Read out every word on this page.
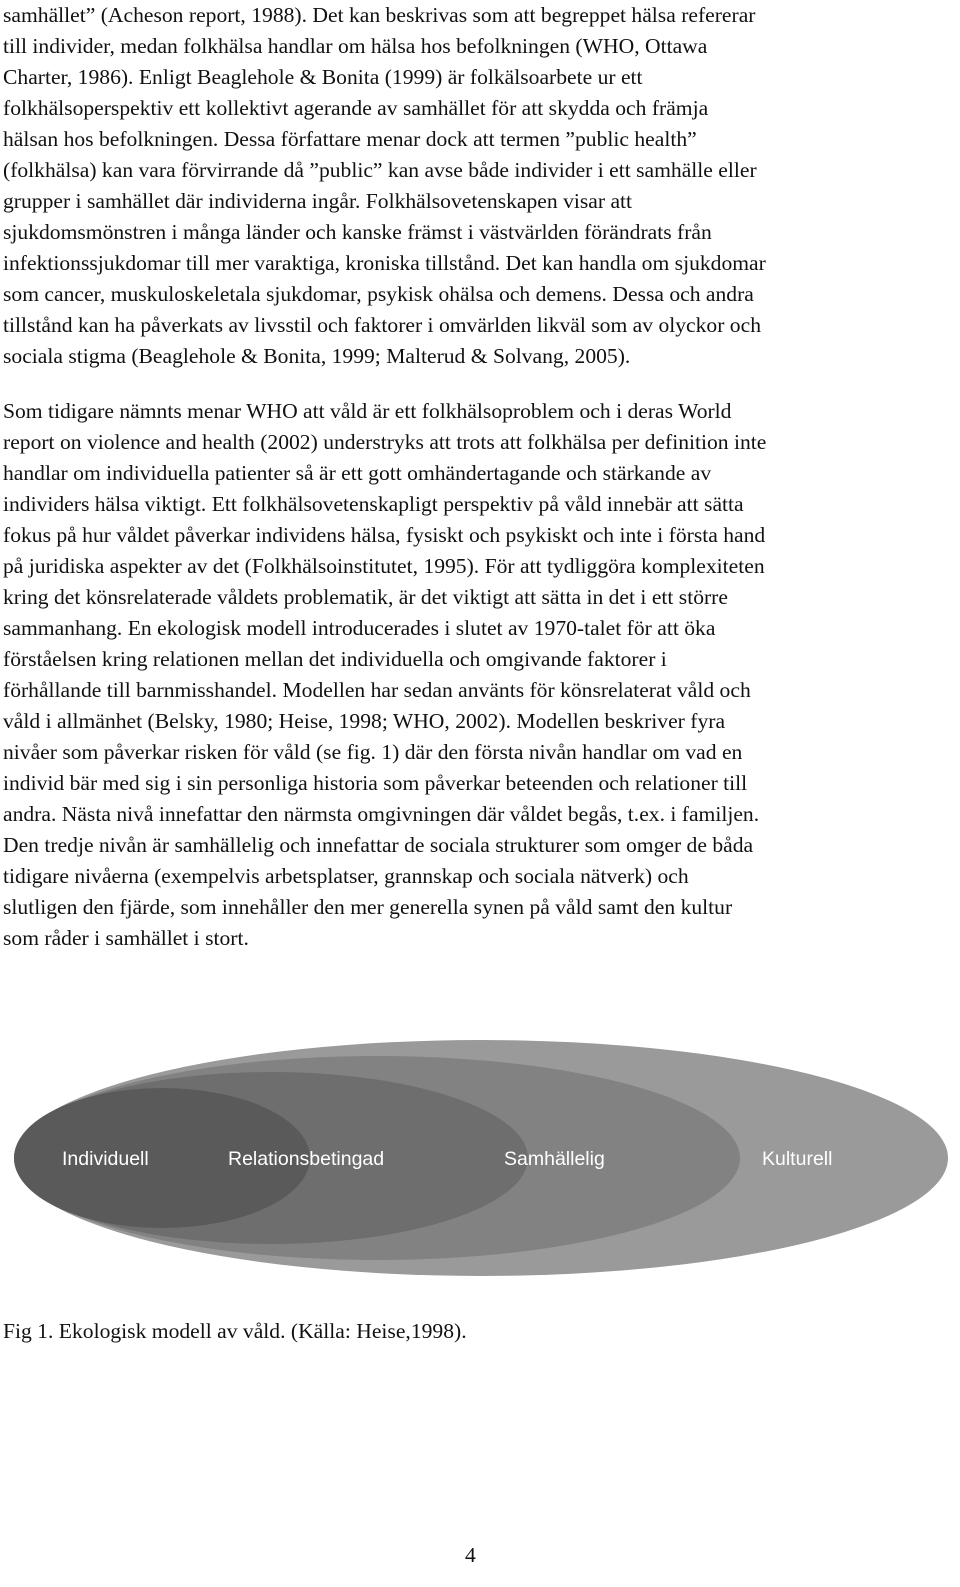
samhället” (Acheson report, 1988). Det kan beskrivas som att begreppet hälsa refererar
till individer, medan folkhälsa handlar om hälsa hos befolkningen (WHO, Ottawa
Charter, 1986). Enligt Beaglehole & Bonita (1999) är folkälsoarbete ur ett
folkhälsoperspektiv ett kollektivt agerande av samhället för att skydda och främja
hälsan hos befolkningen. Dessa författare menar dock att termen ”public health”
(folkhälsa) kan vara förvirrande då ”public” kan avse både individer i ett samhälle eller
grupper i samhället där individerna ingår. Folkhälsovetenskapen visar att
sjukdomsmönstren i många länder och kanske främst i västvärlden förändrats från
infektionssjukdomar till mer varaktiga, kroniska tillstånd. Det kan handla om sjukdomar
som cancer, muskuloskeletala sjukdomar, psykisk ohälsa och demens. Dessa och andra
tillstånd kan ha påverkats av livsstil och faktorer i omvärlden likväl som av olyckor och
sociala stigma (Beaglehole & Bonita, 1999; Malterud & Solvang, 2005).
Som tidigare nämnts menar WHO att våld är ett folkhälsoproblem och i deras World
report on violence and health (2002) understryks att trots att folkhälsa per definition inte
handlar om individuella patienter så är ett gott omhändertagande och stärkande av
individers hälsa viktigt. Ett folkhälsovetenskapligt perspektiv på våld innebär att sätta
fokus på hur våldet påverkar individens hälsa, fysiskt och psykiskt och inte i första hand
på juridiska aspekter av det (Folkhälsoinstitutet, 1995). För att tydliggöra komplexiteten
kring det könsrelaterade våldets problematik, är det viktigt att sätta in det i ett större
sammanhang. En ekologisk modell introducerades i slutet av 1970-talet för att öka
förståelsen kring relationen mellan det individuella och omgivande faktorer i
förhållande till barnmisshandel. Modellen har sedan använts för könsrelaterat våld och
våld i allmänhet (Belsky, 1980; Heise, 1998; WHO, 2002). Modellen beskriver fyra
nivåer som påverkar risken för våld (se fig. 1) där den första nivån handlar om vad en
individ bär med sig i sin personliga historia som påverkar beteenden och relationer till
andra. Nästa nivå innefattar den närmsta omgivningen där våldet begås, t.ex. i familjen.
Den tredje nivån är samhällelig och innefattar de sociala strukturer som omger de båda
tidigare nivåerna (exempelvis arbetsplatser, grannskap och sociala nätverk) och
slutligen den fjärde, som innehåller den mer generella synen på våld samt den kultur
som råder i samhället i stort.
Individuell	Relationsbetingad	Samhällelig	Kulturell
Fig 1. Ekologisk modell av våld. (Källa: Heise,1998).
4
